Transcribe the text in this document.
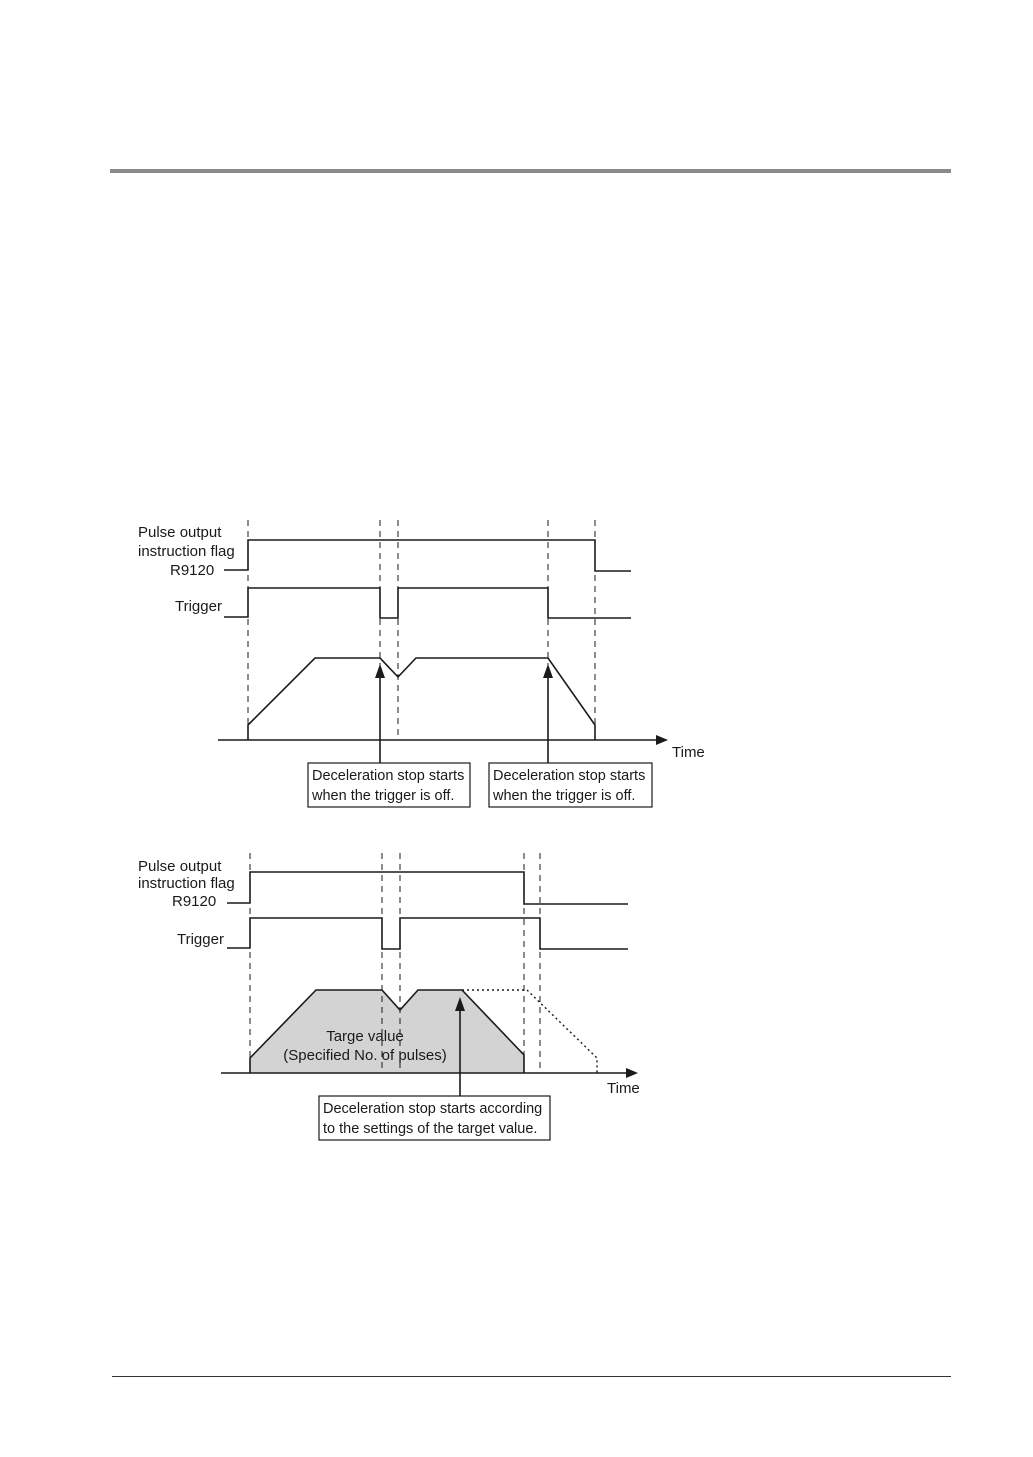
Pulse output
instruction flag
R9120
Trigger
Time
Deceleration stop starts
when the trigger is off.
Deceleration stop starts
when the trigger is off.
Pulse output
instruction flag
R9120
Trigger
Time
Targe value
(Specified No. of pulses)
Deceleration stop starts according
to the settings of the target value.
